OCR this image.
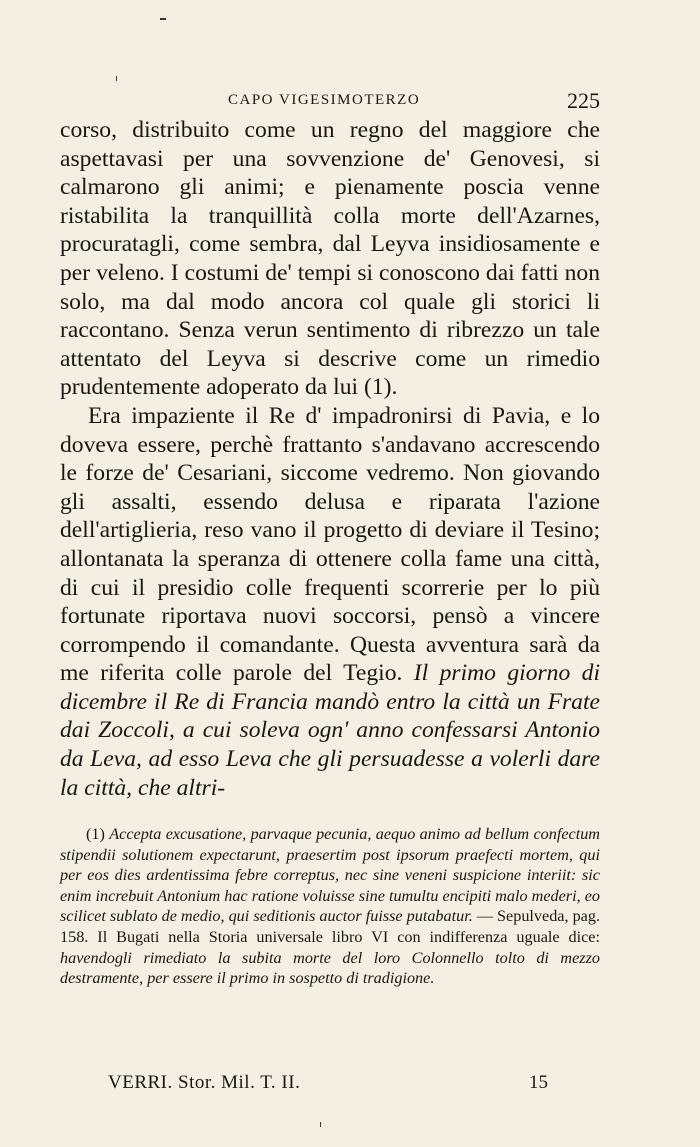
CAPO VIGESIMOTERZO	225

corso, distribuito come un regno del maggiore che aspettavasi per una sovvenzione de' Genovesi, si calmarono gli animi; e pienamente poscia venne ristabilita la tranquillità colla morte dell'Azarnes, procuratagli, come sembra, dal Leyva insidiosamente e per veleno. I costumi de' tempi si conoscono dai fatti non solo, ma dal modo ancora col quale gli storici li raccontano. Senza verun sentimento di ribrezzo un tale attentato del Leyva si descrive come un rimedio prudentemente adoperato da lui (1).

Era impaziente il Re d' impadronirsi di Pavia, e lo doveva essere, perchè frattanto s'andavano accrescendo le forze de' Cesariani, siccome vedremo. Non giovando gli assalti, essendo delusa e riparata l'azione dell'artiglieria, reso vano il progetto di deviare il Tesino; allontanata la speranza di ottenere colla fame una città, di cui il presidio colle frequenti scorrerie per lo più fortunate riportava nuovi soccorsi, pensò a vincere corrompendo il comandante. Questa avventura sarà da me riferita colle parole del Tegio. Il primo giorno di dicembre il Re di Francia mandò entro la città un Frate dai Zoccoli, a cui soleva ogn' anno confessarsi Antonio da Leva, ad esso Leva che gli persuadesse a volerli dare la città, che altri-

(1) Accepta excusatione, parvaque pecunia, aequo animo ad bellum confectum stipendii solutionem expectarunt, praesertim post ipsorum praefecti mortem, qui per eos dies ardentissima febre correptus, nec sine veneni suspicione interiit: sic enim increbuit Antonium hac ratione voluisse sine tumultu encipiti malo mederi, eo scilicet sublato de medio, qui seditionis auctor fuisse putabatur. — Sepulveda, pag. 158. Il Bugati nella Storia universale libro VI con indifferenza uguale dice: havendogli rimediato la subita morte del loro Colonnello tolto di mezzo destramente, per essere il primo in sospetto di tradigione.

VERRI. Stor. Mil. T. II.	15
